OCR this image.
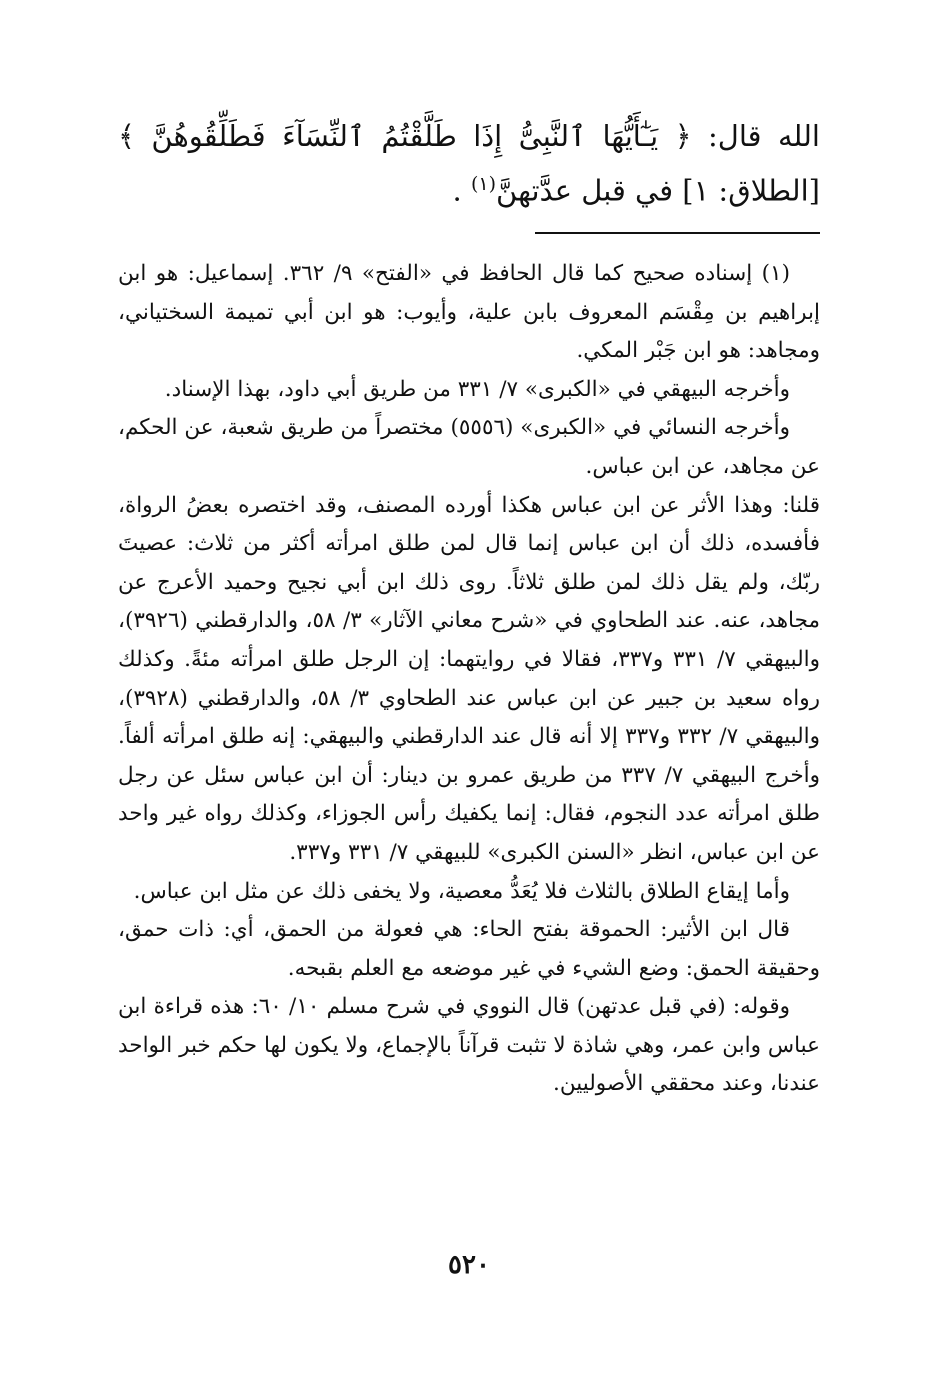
الله قال: ﴿ يَـٰٓأَيُّهَا ٱلنَّبِىُّ إِذَا طَلَّقْتُمُ ٱلنِّسَآءَ فَطَلِّقُوهُنَّ ﴾ [الطلاق: ١] في قبل عدَّتهنَّ$^{(١)}$ .

(١) إسناده صحيح كما قال الحافظ في «الفتح» ٩/ ٣٦٢. إسماعيل: هو ابن إبراهيم بن مِقْسَم المعروف بابن علية، وأيوب: هو ابن أبي تميمة السختياني، ومجاهد: هو ابن جَبْر المكي.

وأخرجه البيهقي في «الكبرى» ٧/ ٣٣١ من طريق أبي داود، بهذا الإسناد.

وأخرجه النسائي في «الكبرى» (٥٥٥٦) مختصراً من طريق شعبة، عن الحكم، عن مجاهد، عن ابن عباس.

قلنا: وهذا الأثر عن ابن عباس هكذا أورده المصنف، وقد اختصره بعضُ الرواة، فأفسده، ذلك أن ابن عباس إنما قال لمن طلق امرأته أكثر من ثلاث: عصيتَ ربّك، ولم يقل ذلك لمن طلق ثلاثاً. روى ذلك ابن أبي نجيح وحميد الأعرج عن مجاهد، عنه. عند الطحاوي في «شرح معاني الآثار» ٣/ ٥٨، والدارقطني (٣٩٢٦)، والبيهقي ٧/ ٣٣١ و٣٣٧، فقالا في روايتهما: إن الرجل طلق امرأته مئةً. وكذلك رواه سعيد بن جبير عن ابن عباس عند الطحاوي ٣/ ٥٨، والدارقطني (٣٩٢٨)، والبيهقي ٧/ ٣٣٢ و٣٣٧ إلا أنه قال عند الدارقطني والبيهقي: إنه طلق امرأته ألفاً. وأخرج البيهقي ٧/ ٣٣٧ من طريق عمرو بن دينار: أن ابن عباس سئل عن رجل طلق امرأته عدد النجوم، فقال: إنما يكفيك رأس الجوزاء، وكذلك رواه غير واحد عن ابن عباس، انظر «السنن الكبرى» للبيهقي ٧/ ٣٣١ و٣٣٧.

وأما إيقاع الطلاق بالثلاث فلا يُعَدُّ معصية، ولا يخفى ذلك عن مثل ابن عباس.

قال ابن الأثير: الحموقة بفتح الحاء: هي فعولة من الحمق، أي: ذات حمق، وحقيقة الحمق: وضع الشيء في غير موضعه مع العلم بقبحه.

وقوله: (في قبل عدتهن) قال النووي في شرح مسلم ١٠/ ٦٠: هذه قراءة ابن عباس وابن عمر، وهي شاذة لا تثبت قرآناً بالإجماع، ولا يكون لها حكم خبر الواحد عندنا، وعند محققي الأصوليين.

٥٢٠
